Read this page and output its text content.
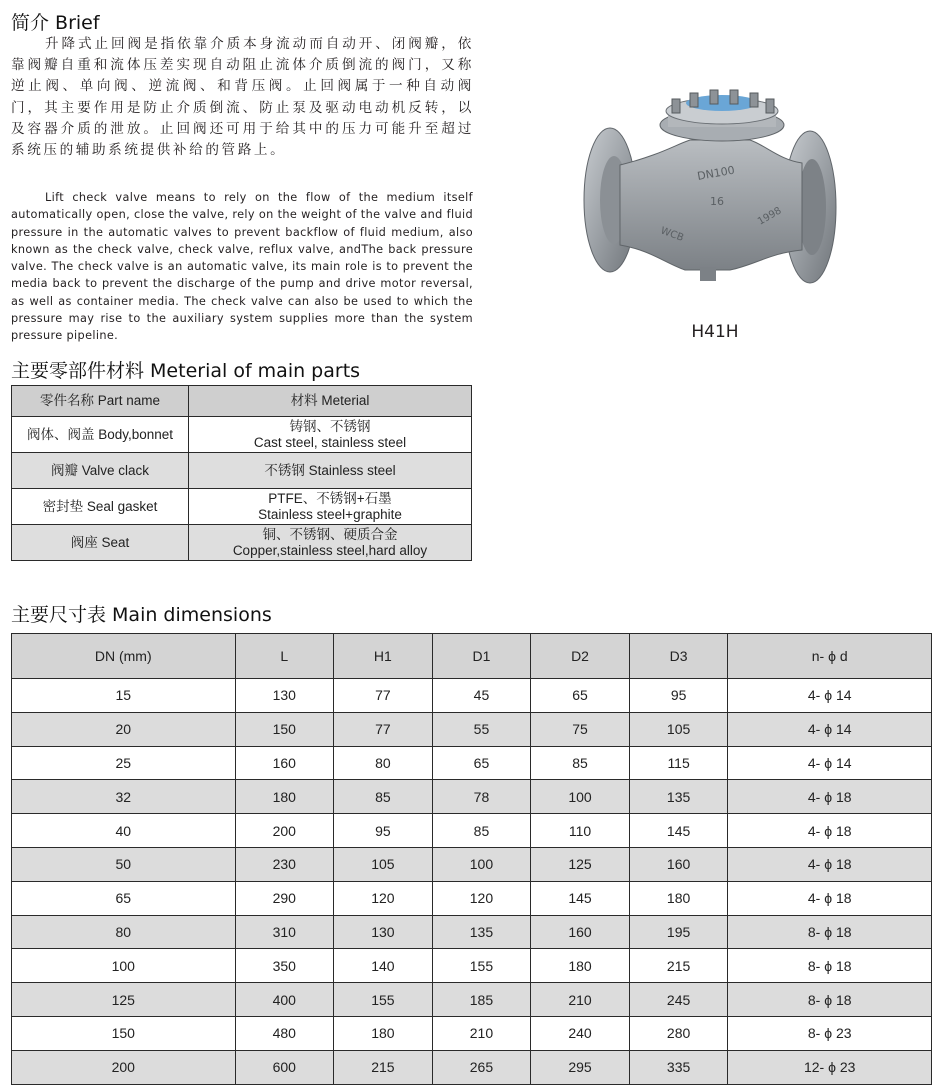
简介 Brief

升降式止回阀是指依靠介质本身流动而自动开、闭阀瓣，依靠阀瓣自重和流体压差实现自动阻止流体介质倒流的阀门，又称逆止阀、单向阀、逆流阀、和背压阀。止回阀属于一种自动阀门，其主要作用是防止介质倒流、防止泵及驱动电动机反转，以及容器介质的泄放。止回阀还可用于给其中的压力可能升至超过系统压的辅助系统提供补给的管路上。

Lift check valve means to rely on the flow of the medium itself automatically open, close the valve, rely on the weight of the valve and fluid pressure in the automatic valves to prevent backflow of fluid medium, also known as the check valve, check valve, reflux valve, andThe back pressure valve. The check valve is an automatic valve, its main role is to prevent the media back to prevent the discharge of the pump and drive motor reversal, as well as container media. The check valve can also be used to which the pressure may rise to the auxiliary system supplies more than the system pressure pipeline.

DN100
16
1998
WCB
H41H
主要零部件材料 Meterial of main parts
零件名称 Part name	材料 Meterial
阀体、阀盖 Body,bonnet	铸钢、不锈钢
Cast steel, stainless steel

阀瓣 Valve clack	不锈钢 Stainless steel

密封垫 Seal gasket	PTFE、不锈钢+石墨
Stainless steel+graphite

阀座 Seat	铜、不锈钢、硬质合金
Copper,stainless steel,hard alloy
主要尺寸表 Main dimensions
DN (mm)	L	H1	D1	D2	D3	n- ϕ d
15	130	77	45	65	95	4- ϕ 14
20	150	77	55	75	105	4- ϕ 14
25	160	80	65	85	115	4- ϕ 14
32	180	85	78	100	135	4- ϕ 18
40	200	95	85	110	145	4- ϕ 18
50	230	105	100	125	160	4- ϕ 18
65	290	120	120	145	180	4- ϕ 18
80	310	130	135	160	195	8- ϕ 18
100	350	140	155	180	215	8- ϕ 18
125	400	155	185	210	245	8- ϕ 18
150	480	180	210	240	280	8- ϕ 23
200	600	215	265	295	335	12- ϕ 23
